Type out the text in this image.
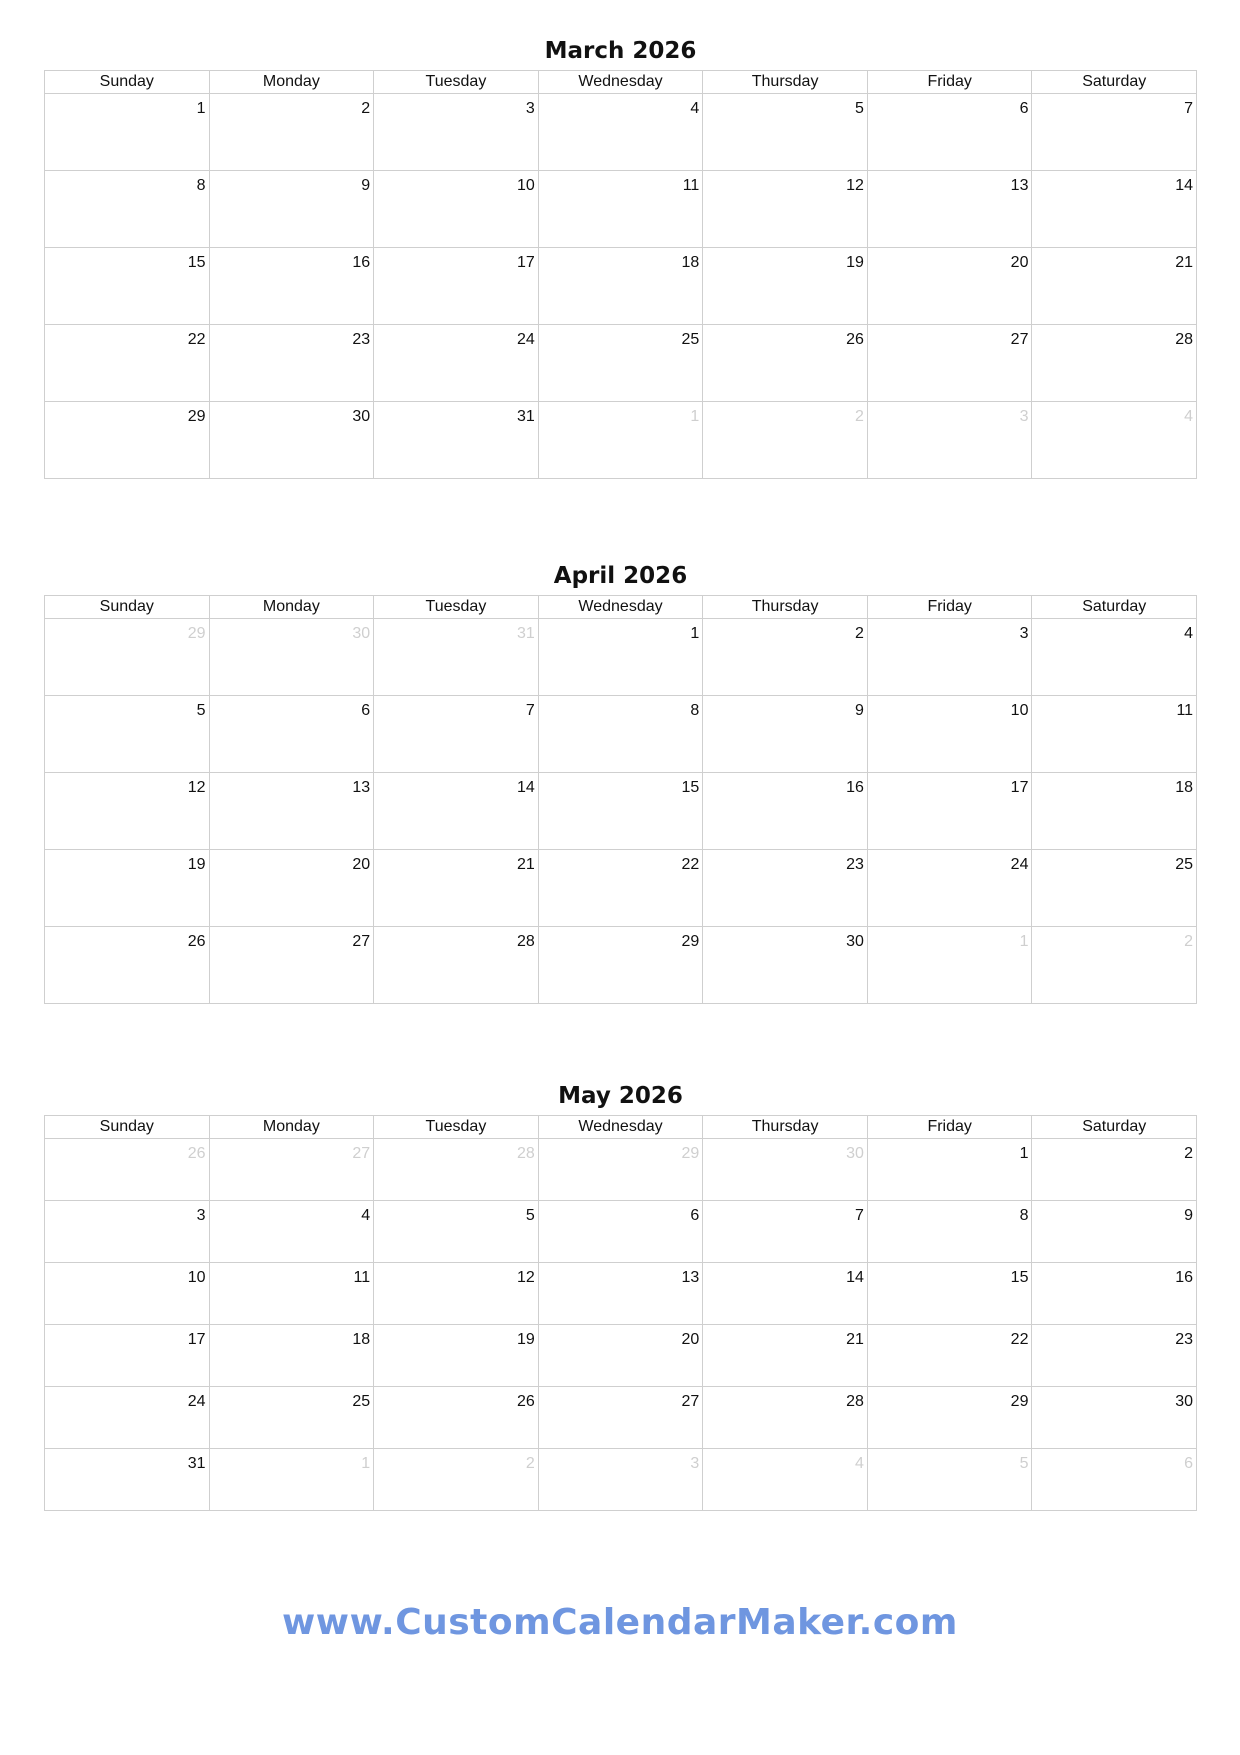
March 2026
Sunday	Monday	Tuesday	Wednesday	Thursday	Friday	Saturday
1	2	3	4	5	6	7
8	9	10	11	12	13	14
15	16	17	18	19	20	21
22	23	24	25	26	27	28
29	30	31	1	2	3	4
April 2026
Sunday	Monday	Tuesday	Wednesday	Thursday	Friday	Saturday
29	30	31	1	2	3	4
5	6	7	8	9	10	11
12	13	14	15	16	17	18
19	20	21	22	23	24	25
26	27	28	29	30	1	2
May 2026
Sunday	Monday	Tuesday	Wednesday	Thursday	Friday	Saturday
26	27	28	29	30	1	2
3	4	5	6	7	8	9
10	11	12	13	14	15	16
17	18	19	20	21	22	23
24	25	26	27	28	29	30
31	1	2	3	4	5	6
www.CustomCalendarMaker.com
